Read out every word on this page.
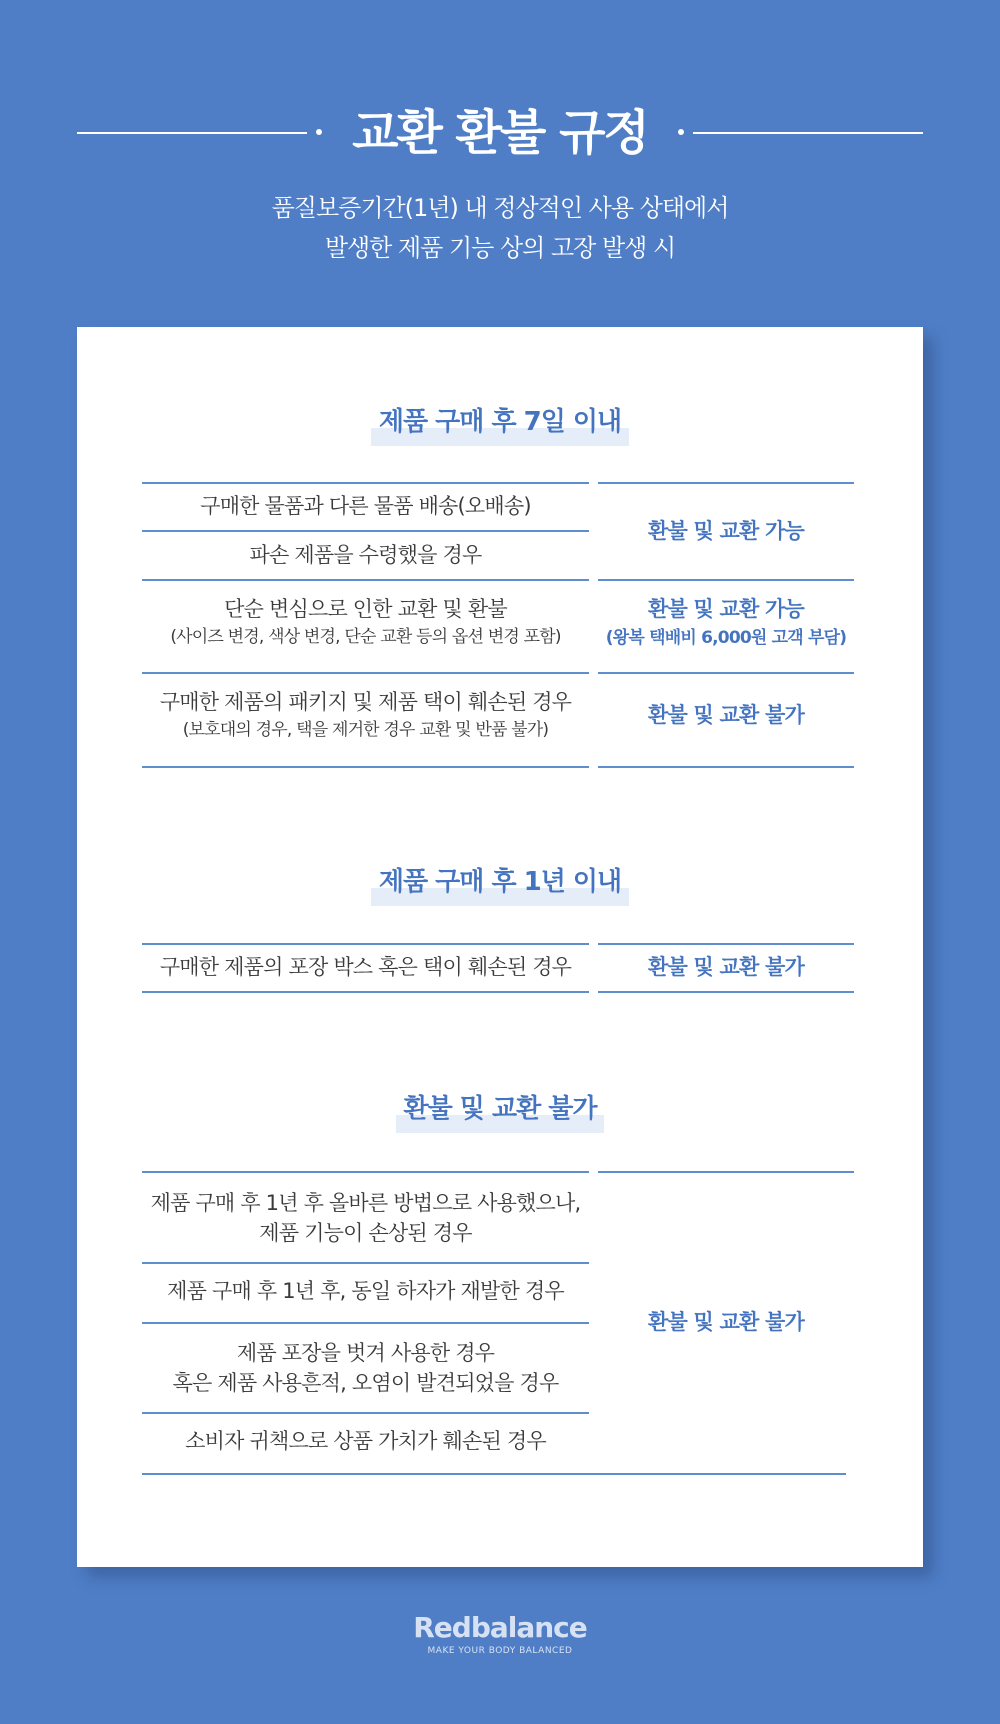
교환 환불 규정
품질보증기간(1년) 내 정상적인 사용 상태에서
발생한 제품 기능 상의 고장 발생 시
제품 구매 후 7일 이내
구매한 물품과 다른 물품 배송(오배송)
파손 제품을 수령했을 경우
환불 및 교환 가능
단순 변심으로 인한 교환 및 환불
(사이즈 변경, 색상 변경, 단순 교환 등의 옵션 변경 포함)
환불 및 교환 가능
(왕복 택배비 6,000원 고객 부담)
구매한 제품의 패키지 및 제품 택이 훼손된 경우
(보호대의 경우, 택을 제거한 경우 교환 및 반품 불가)
환불 및 교환 불가
제품 구매 후 1년 이내
구매한 제품의 포장 박스 혹은 택이 훼손된 경우	환불 및 교환 불가
환불 및 교환 불가
제품 구매 후 1년 후 올바른 방법으로 사용했으나,
제품 기능이 손상된 경우
제품 구매 후 1년 후, 동일 하자가 재발한 경우
제품 포장을 벗겨 사용한 경우
혹은 제품 사용흔적, 오염이 발견되었을 경우
소비자 귀책으로 상품 가치가 훼손된 경우
환불 및 교환 불가
Redbalance
MAKE YOUR BODY BALANCED
